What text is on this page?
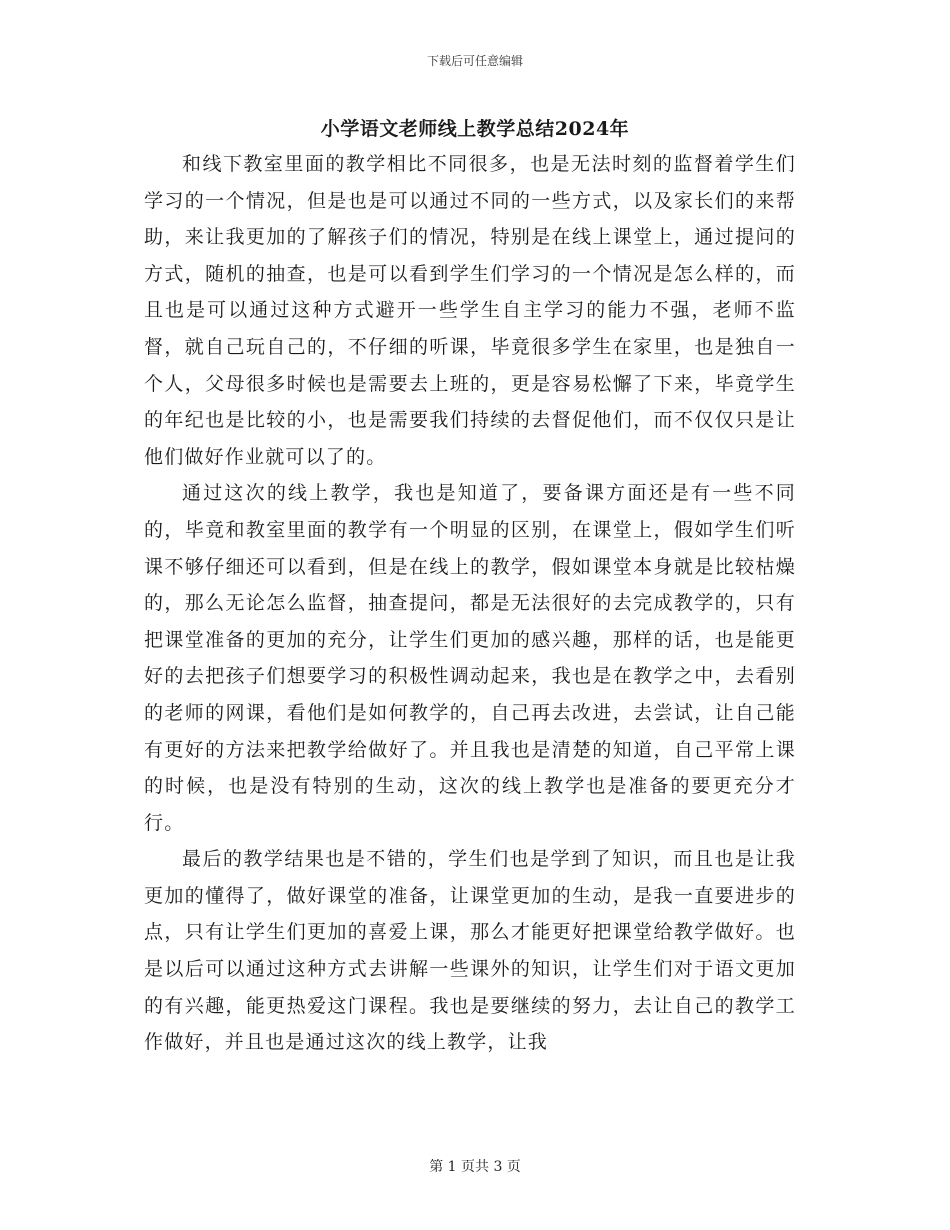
下载后可任意编辑
小学语文老师线上教学总结2024年

和线下教室里面的教学相比不同很多，也是无法时刻的监督着学生们学习的一个情况，但是也是可以通过不同的一些方式，以及家长们的来帮助，来让我更加的了解孩子们的情况，特别是在线上课堂上，通过提问的方式，随机的抽查，也是可以看到学生们学习的一个情况是怎么样的，而且也是可以通过这种方式避开一些学生自主学习的能力不强，老师不监督，就自己玩自己的，不仔细的听课，毕竟很多学生在家里，也是独自一个人，父母很多时候也是需要去上班的，更是容易松懈了下来，毕竟学生的年纪也是比较的小，也是需要我们持续的去督促他们，而不仅仅只是让他们做好作业就可以了的。

通过这次的线上教学，我也是知道了，要备课方面还是有一些不同的，毕竟和教室里面的教学有一个明显的区别，在课堂上，假如学生们听课不够仔细还可以看到，但是在线上的教学，假如课堂本身就是比较枯燥的，那么无论怎么监督，抽查提问，都是无法很好的去完成教学的，只有把课堂准备的更加的充分，让学生们更加的感兴趣，那样的话，也是能更好的去把孩子们想要学习的积极性调动起来，我也是在教学之中，去看别的老师的网课，看他们是如何教学的，自己再去改进，去尝试，让自己能有更好的方法来把教学给做好了。并且我也是清楚的知道，自己平常上课的时候，也是没有特别的生动，这次的线上教学也是准备的要更充分才行。

最后的教学结果也是不错的，学生们也是学到了知识，而且也是让我更加的懂得了，做好课堂的准备，让课堂更加的生动，是我一直要进步的点，只有让学生们更加的喜爱上课，那么才能更好把课堂给教学做好。也是以后可以通过这种方式去讲解一些课外的知识，让学生们对于语文更加的有兴趣，能更热爱这门课程。我也是要继续的努力，去让自己的教学工作做好，并且也是通过这次的线上教学，让我

第 1 页共 3 页
